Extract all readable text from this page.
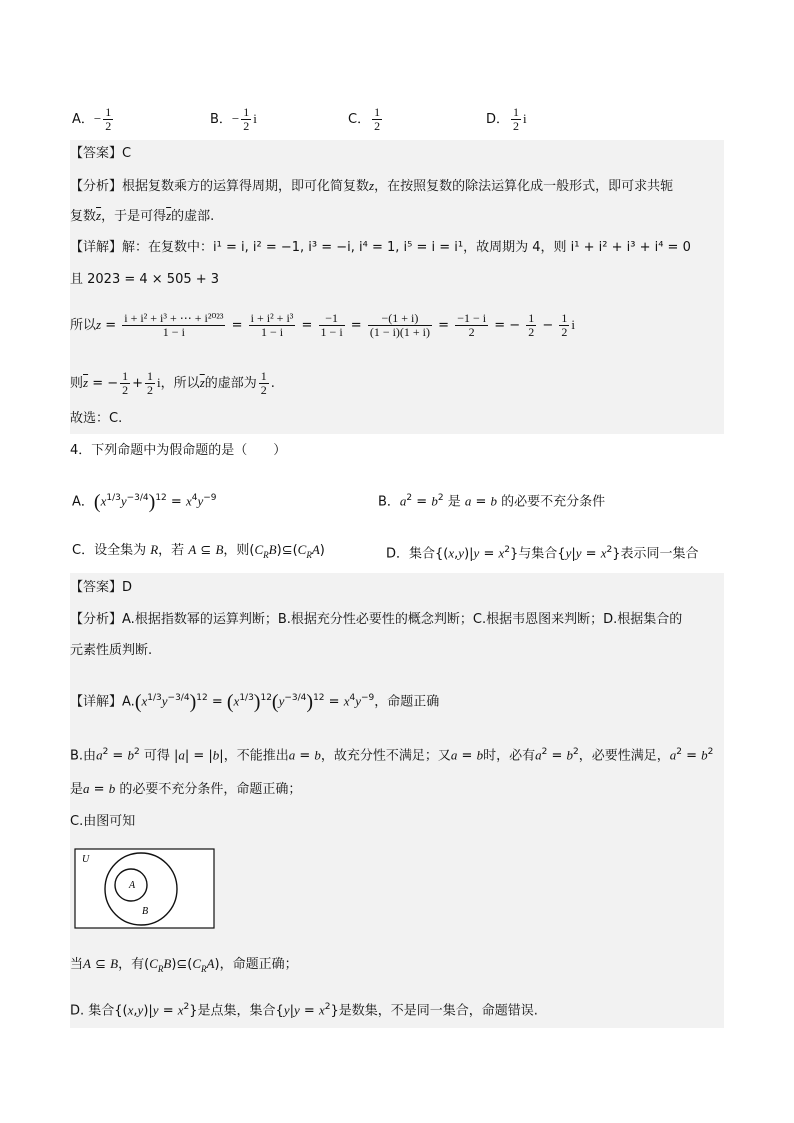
A．− $\frac{1}{2}$	B．− $\frac{1}{2}$ i	C． $\frac{1}{2}$	D． $\frac{1}{2}$ i
【答案】C
【分析】根据复数乘方的运算得周期，即可化简复数z，在按照复数的除法运算化成一般形式，即可求共轭
复数$\overline{z}$，于是可得$\overline{z}$的虚部.
【详解】解：在复数中：i¹ = i, i² = −1, i³ = −i, i⁴ = 1, i⁵ = i = i¹，故周期为 4，则 i¹ + i² + i³ + i⁴ = 0
且 2023 = 4 × 505 + 3
所以$z = \frac{\text{i + i² + i³ + ⋯ + i²⁰²³}}{1 - i} = \frac{\text{i + i² + i³}}{1 - i} = \frac{-1}{1 - i} = \frac{-(1 + i)}{(1 - i)(1 + i)} = \frac{-1 - i}{2}$ = − $\frac{1}{2} - \frac{1}{2}$ i
则$\overline{z}$ = − $\frac{1}{2} + \frac{1}{2}$ i，所以$\overline{z}$的虚部为 $\frac{1}{2}$ .
故选：C.
4．下列命题中为假命题的是（　　）
A．$(x^{1/3}y^{-3/4})^{12} = x^4y^{-9}$	B．$a^2 = b^2$ 是 a = b 的必要不充分条件
C．设全集为 R，若 A ⊆ B，则$(C_RB)⊆(C_RA)$	D．集合$\{(x,y)|y = x^2\}$与集合$\{y|y = x^2\}$表示同一集合
【答案】D
【分析】A.根据指数幂的运算判断；B.根据充分性必要性的概念判断；C.根据韦恩图来判断；D.根据集合的
元素性质判断.
【详解】$A.(x^{1/3}y^{-3/4})^{12} = (x^{1/3})^{12}(y^{-3/4})^{12} = x^4y^{-9}$，命题正确
B.由$a^2 = b^2$ 可得 |a| = |b|，不能推出a = b，故充分性不满足；又a = b时，必有$a^2 = b^2$，必要性满足，$a^2 = b^2$
是a = b 的必要不充分条件，命题正确；
C.由图可知
U
A
B
当A ⊆ B，有$(C_RB)⊆(C_RA)$，命题正确；
D. 集合$\{(x,y)|y = x^2\}$是点集，集合$\{y|y = x^2\}$是数集，不是同一集合，命题错误.
